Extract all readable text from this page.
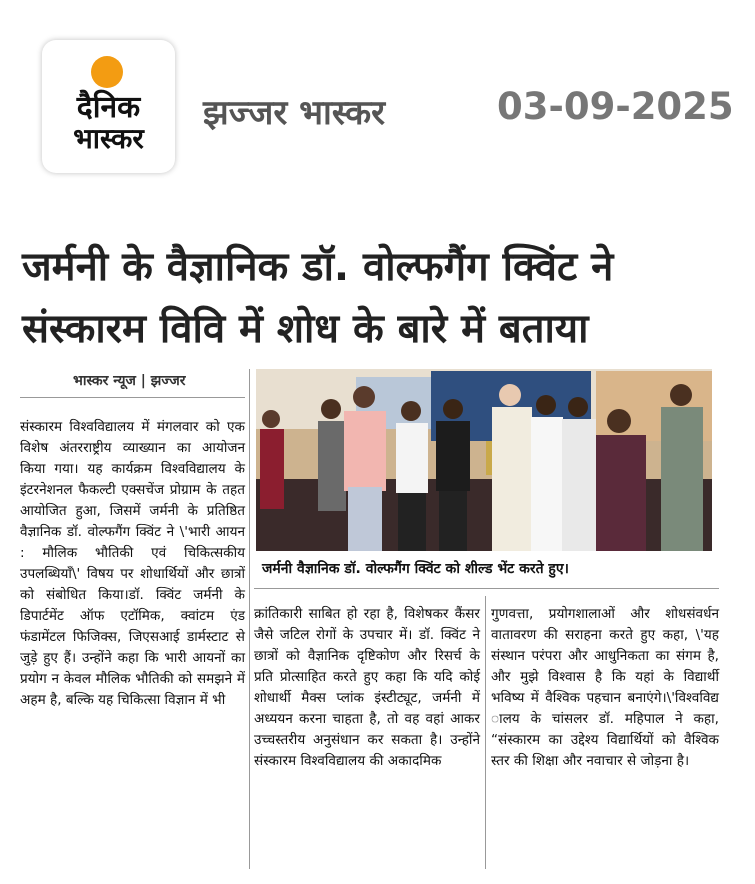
दैनिक
भास्कर
झज्जर भास्कर	03-09-2025
जर्मनी के वैज्ञानिक डॉ. वोल्फगैंग क्विंट ने
संस्कारम विवि में शोध के बारे में बताया
भास्कर न्यूज | झज्जर
संस्कारम विश्वविद्यालय में मंगलवार को एक विशेष अंतरराष्ट्रीय व्याख्यान का आयोजन किया गया। यह कार्यक्रम विश्वविद्यालय के इंटरनेशनल फैकल्टी एक्सचेंज प्रोग्राम के तहत आयोजित हुआ, जिसमें जर्मनी के प्रतिष्ठित वैज्ञानिक डॉ. वोल्फगैंग क्विंट ने \'भारी आयन : मौलिक भौतिकी एवं चिकित्सकीय उपलब्धियाँ\' विषय पर शोधार्थियों और छात्रों को संबोधित किया।डॉ. क्विंट जर्मनी के डिपार्टमेंट ऑफ एटॉमिक, क्वांटम एंड फंडामेंटल फिजिक्स, जिएसआई डार्मस्टाट से जुड़े हुए हैं। उन्होंने कहा कि भारी आयनों का प्रयोग न केवल मौलिक भौतिकी को समझने में अहम है, बल्कि यह चिकित्सा विज्ञान में भी
जर्मनी वैज्ञानिक डॉ. वोल्फगैंग क्विंट को शील्ड भेंट करते हुए।
क्रांतिकारी साबित हो रहा है, विशेषकर कैंसर जैसे जटिल रोगों के उपचार में। डॉ. क्विंट ने छात्रों को वैज्ञानिक दृष्टिकोण और रिसर्च के प्रति प्रोत्साहित करते हुए कहा कि यदि कोई शोधार्थी मैक्स प्लांक इंस्टीट्यूट, जर्मनी में अध्ययन करना चाहता है, तो वह वहां आकर उच्चस्तरीय अनुसंधान कर सकता है। उन्होंने संस्कारम विश्वविद्यालय की अकादमिक
गुणवत्ता, प्रयोगशालाओं और शोधसंवर्धन वातावरण की सराहना करते हुए कहा, \'यह संस्थान परंपरा और आधुनिकता का संगम है, और मुझे विश्वास है कि यहां के विद्यार्थी भविष्य में वैश्विक पहचान बनाएंगे।\'विश्वविद्य ालय के चांसलर डॉ. महिपाल ने कहा, “संस्कारम का उद्देश्य विद्यार्थियों को वैश्विक स्तर की शिक्षा और नवाचार से जोड़ना है।
